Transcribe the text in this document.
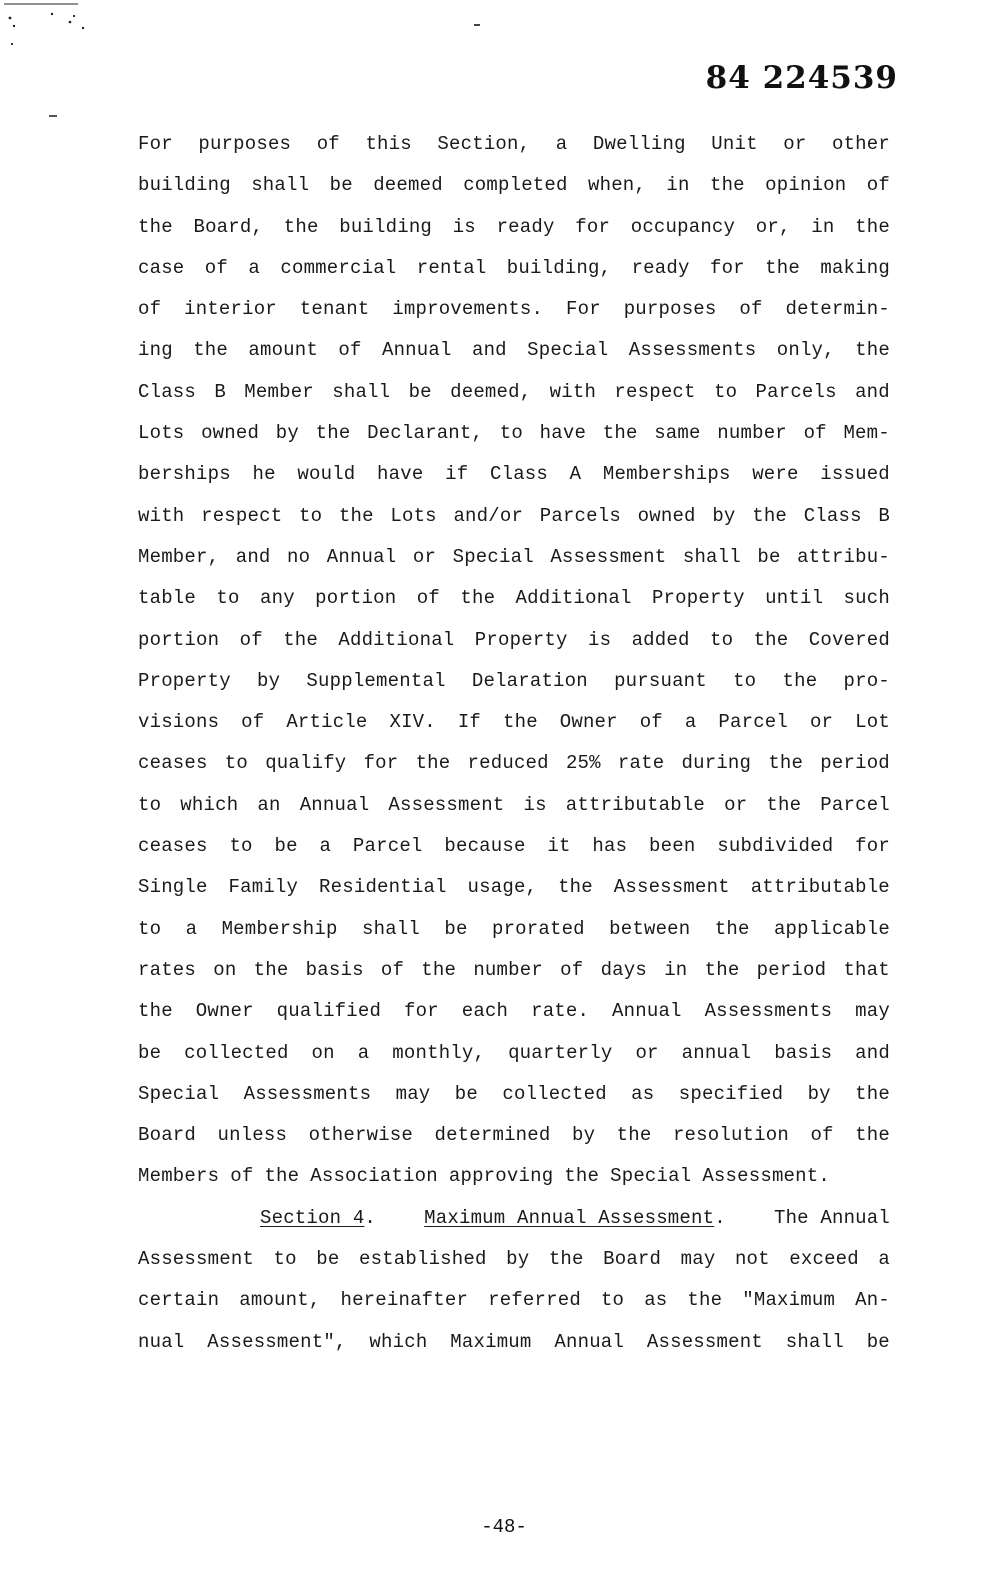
84 224539
For purposes of this Section, a Dwelling Unit or other
building shall be deemed completed when, in the opinion of
the Board, the building is ready for occupancy or, in the
case of a commercial rental building, ready for the making
of interior tenant improvements. For purposes of determin-
ing the amount of Annual and Special Assessments only, the
Class B Member shall be deemed, with respect to Parcels and
Lots owned by the Declarant, to have the same number of Mem-
berships he would have if Class A Memberships were issued
with respect to the Lots and/or Parcels owned by the Class B
Member, and no Annual or Special Assessment shall be attribu-
table to any portion of the Additional Property until such
portion of the Additional Property is added to the Covered
Property by Supplemental Delaration pursuant to the pro-
visions of Article XIV. If the Owner of a Parcel or Lot
ceases to qualify for the reduced 25% rate during the period
to which an Annual Assessment is attributable or the Parcel
ceases to be a Parcel because it has been subdivided for
Single Family Residential usage, the Assessment attributable
to a Membership shall be prorated between the applicable
rates on the basis of the number of days in the period that
the Owner qualified for each rate. Annual Assessments may
be collected on a monthly, quarterly or annual basis and
Special Assessments may be collected as specified by the
Board unless otherwise determined by the resolution of the
Members of the Association approving the Special Assessment.
Section 4.	Maximum Annual Assessment.	The Annual
Assessment to be established by the Board may not exceed a
certain amount, hereinafter referred to as the "Maximum An-
nual Assessment", which Maximum Annual Assessment shall be
-48-
